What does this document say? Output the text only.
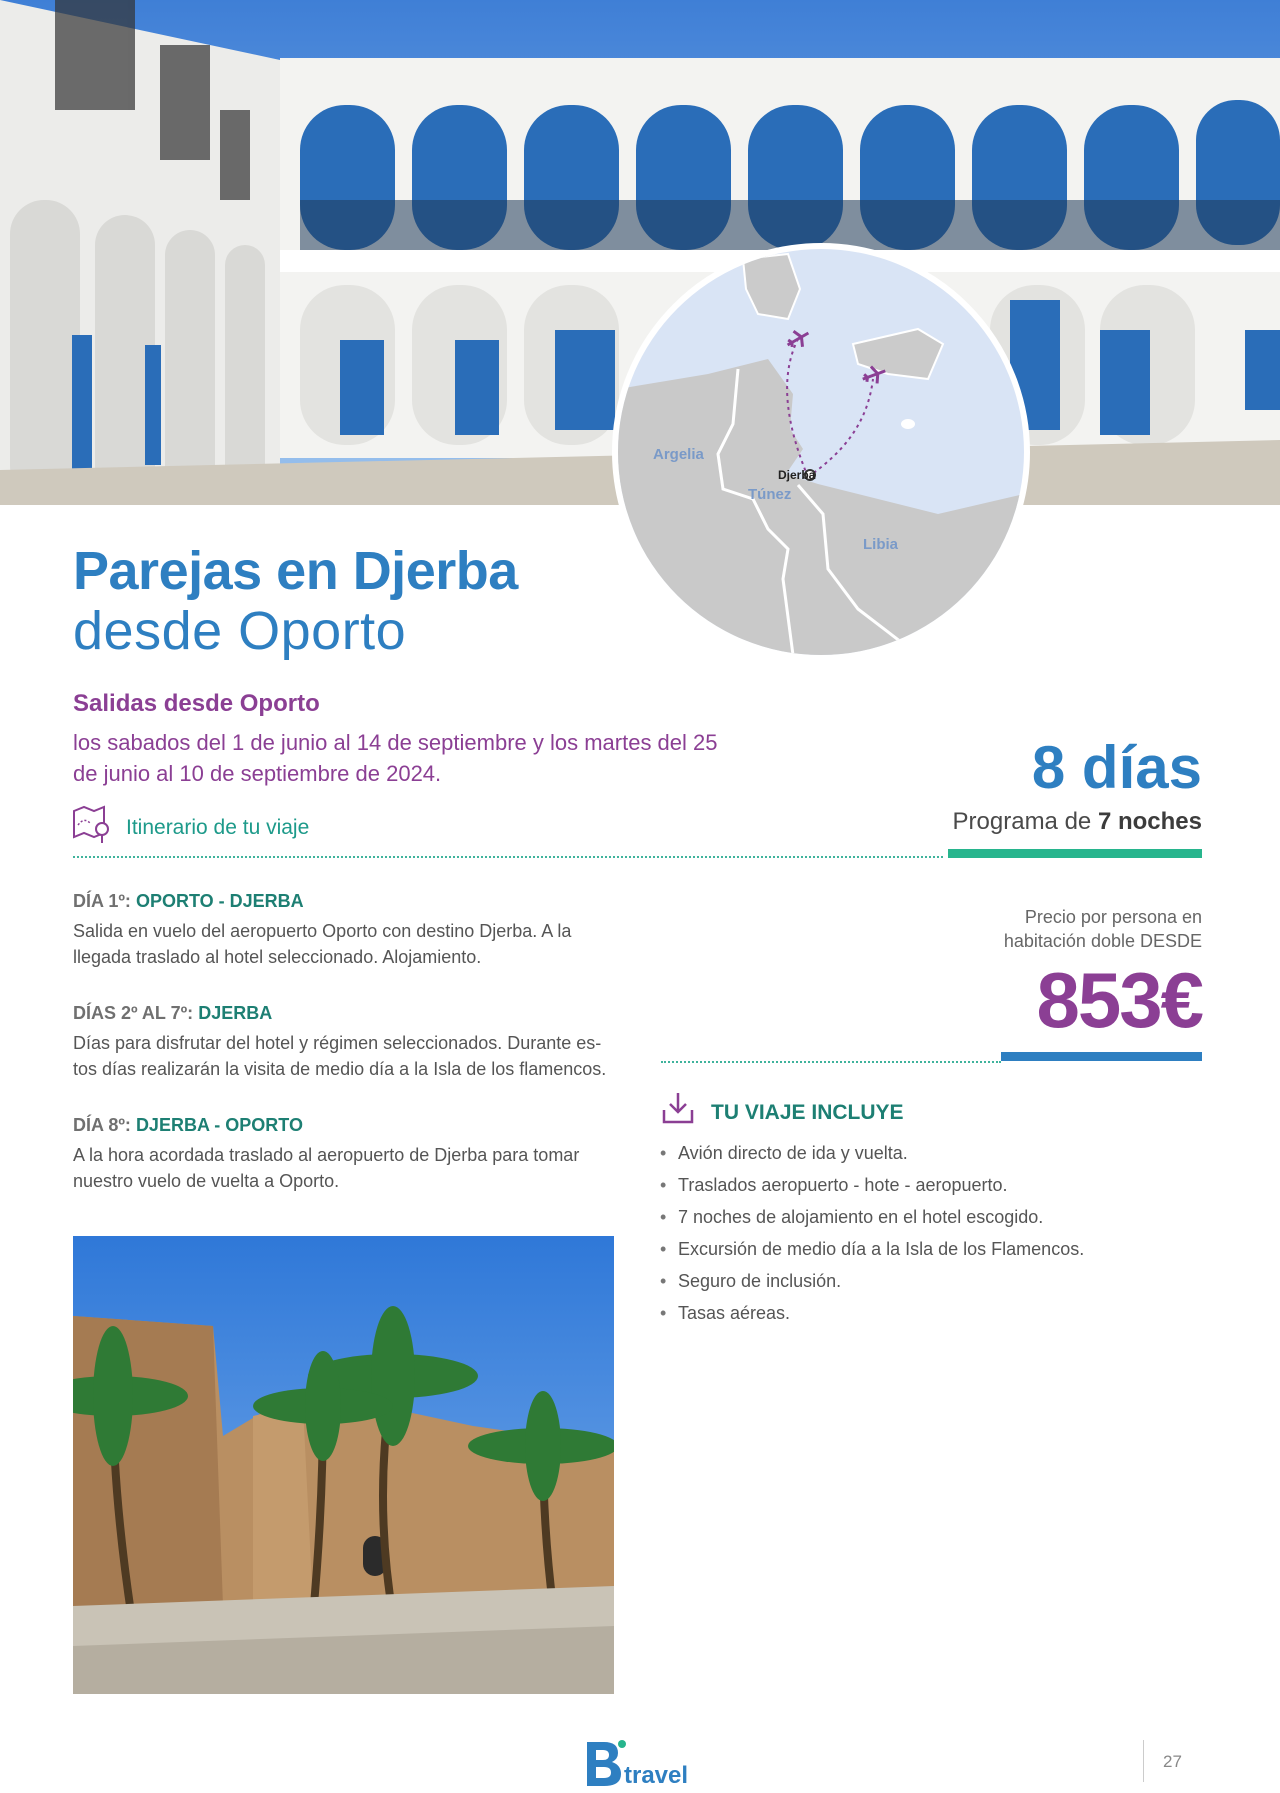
Djerba
Argelia
Túnez
Libia
Parejas en Djerba
desde Oporto
Salidas desde Oporto
los sabados del 1 de junio al 14 de septiembre y los martes del 25
de junio al 10 de septiembre de 2024.
Itinerario de tu viaje
DÍA 1º: OPORTO - DJERBA
Salida en vuelo del aeropuerto Oporto con destino Djerba. A la
llegada traslado al hotel seleccionado. Alojamiento.
DÍAS 2º AL 7º: DJERBA
Días para disfrutar del hotel y régimen seleccionados. Durante es-
tos días realizarán la visita de medio día a la Isla de los flamencos.
DÍA 8º: DJERBA - OPORTO
A la hora acordada traslado al aeropuerto de Djerba para tomar
nuestro vuelo de vuelta a Oporto.
8 días
Programa de 7 noches
Precio por persona en
habitación doble DESDE
853€
TU VIAJE INCLUYE
• Avión directo de ida y vuelta.
• Traslados aeropuerto - hote - aeropuerto.
• 7 noches de alojamiento en el hotel escogido.
• Excursión de medio día a la Isla de los Flamencos.
• Seguro de inclusión.
• Tasas aéreas.
travel
27
